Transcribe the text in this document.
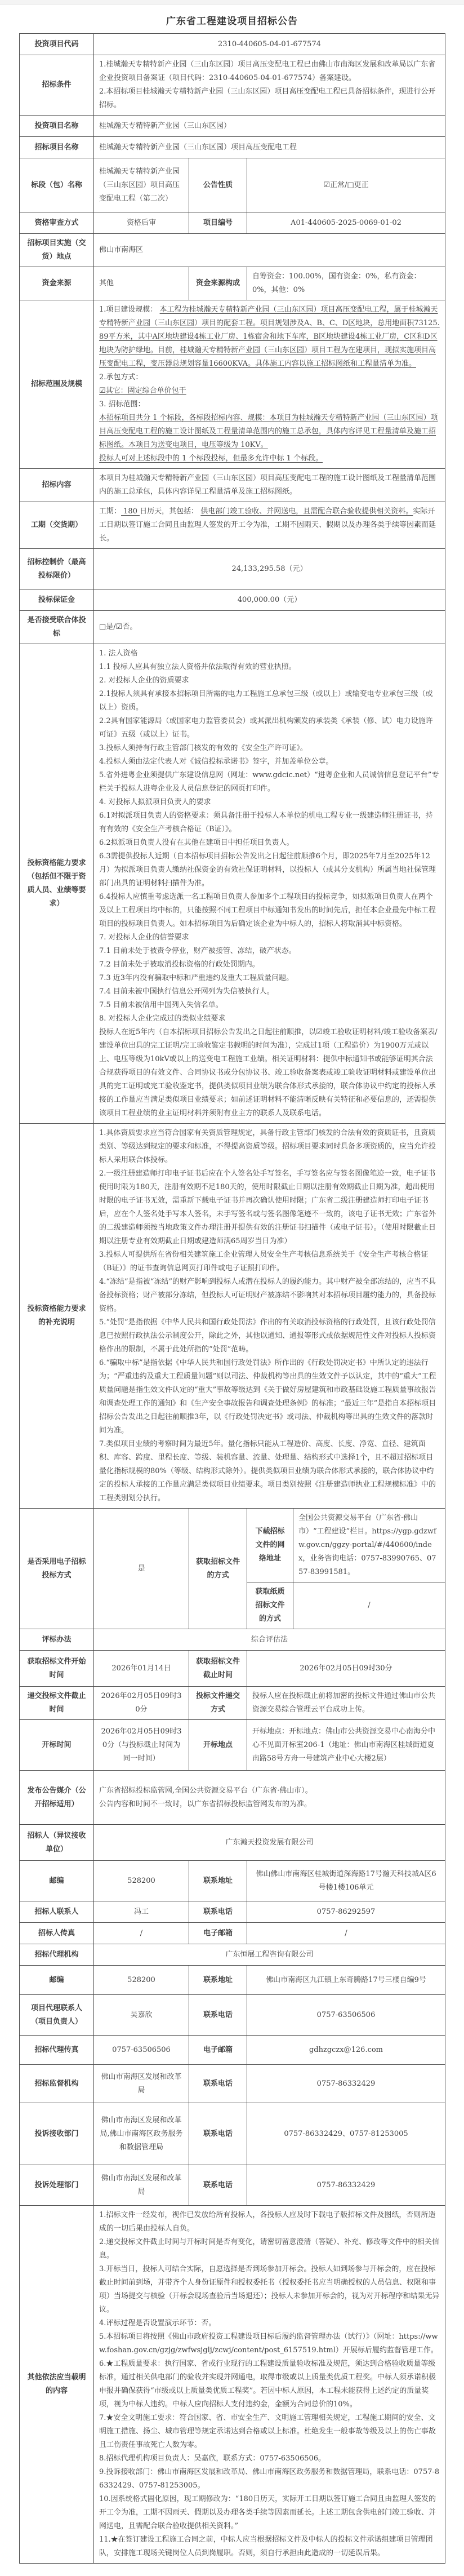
广东省工程建设项目招标公告
投资项目代码	2310-440605-04-01-677574			
招标条件	1.桂城瀚天专精特新产业园（三山东区园）项目高压变配电工程已由佛山市南海区发展和改革局以广东省企业投资项目备案证（项目代码：2310-440605-04-01-677574）备案建设。
2.本招标项目桂城瀚天专精特新产业园（三山东区园）项目高压变配电工程已具备招标条件，现进行公开招标。			

投资项目名称	桂城瀚天专精特新产业园（三山东区园）			
招标项目名称	桂城瀚天专精特新产业园（三山东区园）项目高压变配电工程			
标段（包）名称	桂城瀚天专精特新产业园（三山东区园）项目高压变配电工程（第二次）	公告性质	☑正常/□更正	
资格审查方式	资格后审	项目编号	A01-440605-2025-0069-01-02	
招标项目实施（交货）地点	佛山市南海区			
资金来源	其他	资金来源构成	自筹资金：100.00%，国有资金：0%，私有资金：0%，其他：0%	
招标范围及规模	
1.项目建设规模： 本工程为桂城瀚天专精特新产业园（三山东区园）项目高压变配电工程，属于桂城瀚天专精特新产业园（三山东区园）项目的配套工程。项目规划涉及A、B、C、D区地块，总用地面积73125.89平方米，其中A区地块建设4栋工业厂房、1栋宿舍和地下车库，B区地块建设4栋工业厂房，C区和D区地块为防护绿地。目前，桂城瀚天专精特新产业园（三山东区园）项目工程为在建项目，现拟实施项目高压变配电工程，变压器总规划容量16600KVA。具体施工内容以施工招标图纸和工程量清单为准。
2.承包方式：
☑其它：固定综合单价包干
3. 招标范围：
本招标项目共分 1 个标段，各标段招标内容、规模：本项目为桂城瀚天专精特新产业园（三山东区园）项目高压变配电工程的施工设计图纸及工程量清单范围内的施工总承包，具体内容详见工程量清单及施工招标图纸。本项目为送变电项目，电压等级为 10KV。
投标人可对上述标段中的 1 个标段投标，但最多允许中标 1 个标段。

招标内容	本项目为桂城瀚天专精特新产业园（三山东区园）项目高压变配电工程的施工设计图纸及工程量清单范围内的施工总承包，具体内容详见工程量清单及施工招标图纸。			

工期（交货期）	工期： 180 日历天，其包括： 供电部门竣工验收、并网送电，且需配合联合验收提供相关资料。实际开工日期以签订施工合同且由监理人签发的开工令为准，工期不因雨天、假期以及办理各类手续等因素而延长。			

招标控制价（最高投标限价）	24,133,295.58（元）			
投标保证金	400,000.00（元）			
是否接受联合体投标	□是/☑否。			
投标资格能力要求（包括但不限于资质人员、业绩等要求）	
1. 法人资格
1.1 投标人应具有独立法人资格并依法取得有效的营业执照。
2. 对投标人企业的资质要求
2.1投标人须具有承接本招标项目所需的电力工程施工总承包三级（或以上）或输变电专业承包三级（或以上）资质。
2.2具有国家能源局（或国家电力监管委员会）或其派出机构颁发的承装类《承装（修、试）电力设施许可证》五级（或以上）证书。
3.投标人须持有行政主管部门核发的有效的《安全生产许可证》。
4.投标人须由法定代表人对《诚信投标承诺书》签字，并加盖单位公章。
5.省外进粤企业须提供广东建设信息网（网址：www.gdcic.net）“进粤企业和人员诚信信息登记平台”专栏关于投标人进粤企业及人员信息登记的网页打印件。
4. 对投标人拟派项目负责人的要求
6.1对拟派项目负责人的资格要求：须具备注册于投标人本单位的机电工程专业一级建造师注册证书，持有有效的《安全生产考核合格证（B证）》。
6.2拟派项目负责人没有在其他在建项目中担任项目负责人。
6.3需提供投标人近期（自本招标项目招标公告发出之日起往前顺推6个月，即2025年7月至2025年12月）为拟派项目负责人缴纳社保资金的有效社保证明材料，以投标人（或其分支机构）所属当地社保管理部门出具的证明材料扫描件为准。
6.4投标人应慎重考虑选派一名工程项目负责人参加多个工程项目的投标竞争，如拟派项目负责人在两个及以上工程项目均中标的，只能按照不同工程项目中标通知书发出的时间先后，担任本企业最先中标工程项目的投标项目负责人。如本招标项目为后确定该企业为中标人的，招标人将取消其中标资格。
7. 对投标人企业的信誉要求
7.1 目前未处于被责令停业，财产被接管、冻结，破产状态。
7.2 目前未处于被取消投标资格的行政处罚期内。
7.3 近3年内没有骗取中标和严重违约及重大工程质量问题。
7.4 目前未被中国执行信息公开网列为失信被执行人。
7.5 目前未被信用中国列入失信名单。
8. 对投标人企业完成过的类似业绩要求
投标人在近5年内（自本招标项目招标公告发出之日起往前顺推，以☑竣工验收证明材料/竣工验收备案表/建设单位出具的完工证明/完工验收鉴定书载明的时间为准），完成过1项（工程造价）为1900万元或以上、电压等级为10kV或以上的送变电工程施工业绩。相关证明材料：提供中标通知书或能够证明其合法合规获得项目的有效文件、合同协议书或分包协议书、竣工验收备案表或竣工验收证明材料或建设单位出具的完工证明或完工验收鉴定书，提供类似项目业绩为联合体形式承接的，联合体协议中约定的投标人承接的工作量应当满足类似项目业绩要求；如前述证明材料不能清晰反映有关特征和必要信息的，还需提供该项目工程业绩的业主证明材料并须附有业主方的联系人及联系电话。

投标资格能力要求的补充说明	
1.具体资质要求应当符合国家有关资质管理规定，具备行政主管部门核发的合法有效的资质证书，且资质类别、等级达到规定的要求和标准，不得提高资质等级。招标项目要求同时具备多项资质的，应当允许投标人采用联合体投标。
2.一级注册建造师打印电子证书后应在个人签名处手写签名，手写签名应与签名图像笔迹一致，电子证书使用时限为180天，注册有效期不足180天的，使用时限截止日期以注册有效期截止日期为准，超出使用时限的电子证书无效，需重新下载电子证书并再次确认使用时限；广东省二级注册建造师打印电子证书后，应在个人签名处手写本人签名，未手写签名或与签名图像笔迹不一致的，该电子证书无效；广东省外的二级建造师须按当地政策文件办理注册并提供有效的注册证书扫描件（或电子证书）。（使用时限截止日期以注册专业有效期截止日期或建造师满65周岁当日为准）
3.投标人可提供所在省份相关建筑施工企业管理人员安全生产考核信息系统关于《安全生产考核合格证（B证）》的证书查询信息网页打印件或电子证照打印件。
4.“冻结”是指被“冻结”的财产影响到投标人或潜在投标人的履约能力。其中财产被全部冻结的，应当不具备投标资格；财产被部分冻结，但投标人可证明财产被冻结不影响其对本招标项目履约能力的，具备投标资格。
5.“处罚”是指依据《中华人民共和国行政处罚法》作出的有关取消投标资格的行政处罚，且该行政处罚信息已按照行政执法公示制度公开，除此之外，其他以通知、通报等形式或依据规范性文件对投标人投标资格作出的限制，不属于此处所指的“处罚”范畴。
6.“骗取中标”是指依据《中华人民共和国行政处罚法》所作出的《行政处罚决定书》中所认定的违法行为；“严重违约及重大工程质量问题”则以司法、仲裁机构等出具的生效文件予以认定，其中的“重大”工程质量问题是指生效文件认定的“重大”事故等级达到《关于做好房屋建筑和市政基础设施工程质量事故报告和调查处理工作的通知》和《生产安全事故报告和调查处理条例》的标准；“最近三年”是指自本招标项目招标公告发出之日起往前顺推3年，以《行政处罚决定书》或司法、仲裁机构等出具的生效文件的落款时间为准。
7.类似项目业绩的考察时间为最近5年。量化指标只能从工程造价、高度、长度、净宽、直径、建筑面积、库容、跨度、里程长度、等级、装机容量、流量、处理量、结构形式中选择1个，且不超过招标项目量化指标规模的80%（等级、结构形式除外）。提供类似项目业绩为联合体形式承接的，联合体协议中约定的投标人承接的工作量应满足类似项目业绩要求。项目类别按照《注册建造师执业工程规模标准》中的工程类别划分执行。

是否采用电子招标投标方式	是	获取招标文件的方式	下载招标文件的网络地址	全国公共资源交易平台（广东省·佛山市）“工程建设”栏目。https://ygp.gdzwfw.gov.cn/ggzy-portal/#/440600/index，业务咨询电话：0757-83990765、0757-83991581。
			获取纸质招标文件的方式	/
评标办法	综合评估法			
获取招标文件开始时间	2026年01月14日	获取招标文件截止时间	2026年02月05日09时30分	
递交投标文件截止时间	2026年02月05日09时30分	投标文件递交方式	投标人应在投标截止前将加密的投标文件通过佛山市公共资源交易综合管理云平台成功上传。	
开标时间	2026年02月05日09时30分（与投标截止时间为同一时间）	开标地点	开标地点：开标地点：佛山市公共资源交易中心南海分中心不见面开标室206-1（地址：佛山市南海区桂城街道夏南路58号方舟一号建筑产业中心大楼2层）	
发布公告媒介（公开招标适用）	广东省招标投标监管网,全国公共资源交易平台（广东省·佛山市）。
公告内容和时间不一致时，以广东省招标投标监管网发布的为准。			

招标人（异议接收单位）	广东瀚天投资发展有限公司			
邮编	528200	联系地址	佛山佛山市南海区桂城街道深海路17号瀚天科技城A区6号楼1楼106单元	
招标人联系人	冯工	联系电话	0757-86292597	
招标人传真	/	电子邮箱	/	
招标代理机构	广东恒展工程咨询有限公司			
邮编	528200	联系地址	佛山市南海区九江镇上东奇腾路17号三楼自编9号	
项目代理联系人（项目负责人）	吴嘉欣	联系电话	0757-63506506	
招标代理传真	0757-63506506	电子邮箱	gdhzgczx@126.com	
招标监督机构	佛山市南海区发展和改革局	联系电话	0757-86332429	
投诉接收部门	佛山市南海区发展和改革局,佛山市南海区政务服务和数据管理局	联系电话	0757-86332429、0757-81253005	
投诉处理部门	佛山市南海区发展和改革局	联系电话	0757-86332429	
其他依法应当载明的内容	
1.招标文件一经发布，视作已发放给所有投标人，各投标人应及时下载电子版招标文件及图纸，否则所造成的一切后果由投标人自负。
2.递交投标文件截止时间与开标时间是否有变化，请密切留意澄清（答疑）、补充、修改等文件中的相关信息。
3.开标当日，投标人可结合实际，自愿选择是否到场参加开标会。投标人如到场参与开标会的，应在投标截止时间前到场，并带齐个人身份证原件和授权委托书（授权委托书应当明确授权的人员信息、权限和事项）当场提交与核验（开标会现场查验后当场退还）；投标人未参加开标会的，视为对开标程序和结果无异议。
4.评标过程是否设置演示环节：否。
5.本招标项目将按照《佛山市政府投资工程建设项目标后履约监督管理办法（试行）》（网址：https://www.foshan.gov.cn/gzjg/zwfwsjglj/zcwj/content/post_6157519.html）开展标后履约监督管理工作。
6.★工程质量要求：执行国家、省或行业现行的工程建设质量验收标准及规范，须达到合格验收质量等级标准，通过相关供电部门的验收并实现并网通电，取得市级或以上质量类优质工程奖。中标人须承诺积极申报并确保获得“市级或以上质量类优质工程奖”。若因中标人原因，本工程未能获得上述约定的质量奖项，视为中标人违约。中标人应向招标人支付违约金，金额为合同总价的10%。
7.★安全文明施工要求：符合国家、省、市安全生产、文明施工管理相关规定，工程施工期间的安全、文明施工措施、扬尘、城市管理等规定承诺达到合格或以上标准。杜绝发生一般事故等级及以上的伤亡事故且工伤责任事故死亡人数为零。
8.招标代理机构项目负责人：吴嘉欣，联系方式：0757-63506506。
9.投诉接收部门：佛山市南海区发展和改革局、佛山市南海区政务服务和数据管理局，联系电话：0757-86332429、0757-81253005。
10.因系统格式固化原因，现工期修改为：“180日历天，实际开工日期以签订施工合同且由监理人签发的开工令为准，工期不因雨天、假期以及办理各类手续等因素而延长。上述工期包含供电部门竣工验收、并网送电，且需配合联合验收提供相关资料。”
11.★在签订建设工程施工合同之前，中标人应当根据招标文件及中标人的投标文件承诺组建项目管理团队，安排施工现场关键岗位人员到岗履职。否则，须自行承担由此造成的一切延误后果。
